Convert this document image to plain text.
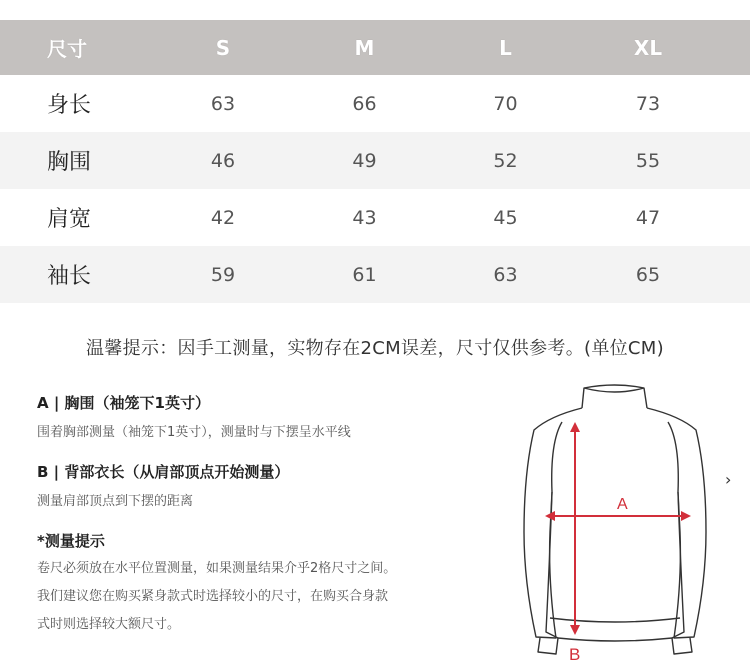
尺寸	S	M	L	XL
身长	63	66	70	73
胸围	46	49	52	55
肩宽	42	43	45	47
袖长	59	61	63	65
温馨提示：因手工测量，实物存在2CM误差，尺寸仅供参考。(单位CM)

A | 胸围（袖笼下1英寸）

围着胸部测量（袖笼下1英寸），测量时与下摆呈水平线

B | 背部衣长（从肩部顶点开始测量）

测量肩部顶点到下摆的距离

*测量提示

卷尺必须放在水平位置测量，如果测量结果介乎2格尺寸之间。

我们建议您在购买紧身款式时选择较小的尺寸，在购买合身款

式时则选择较大额尺寸。

A
B
›
